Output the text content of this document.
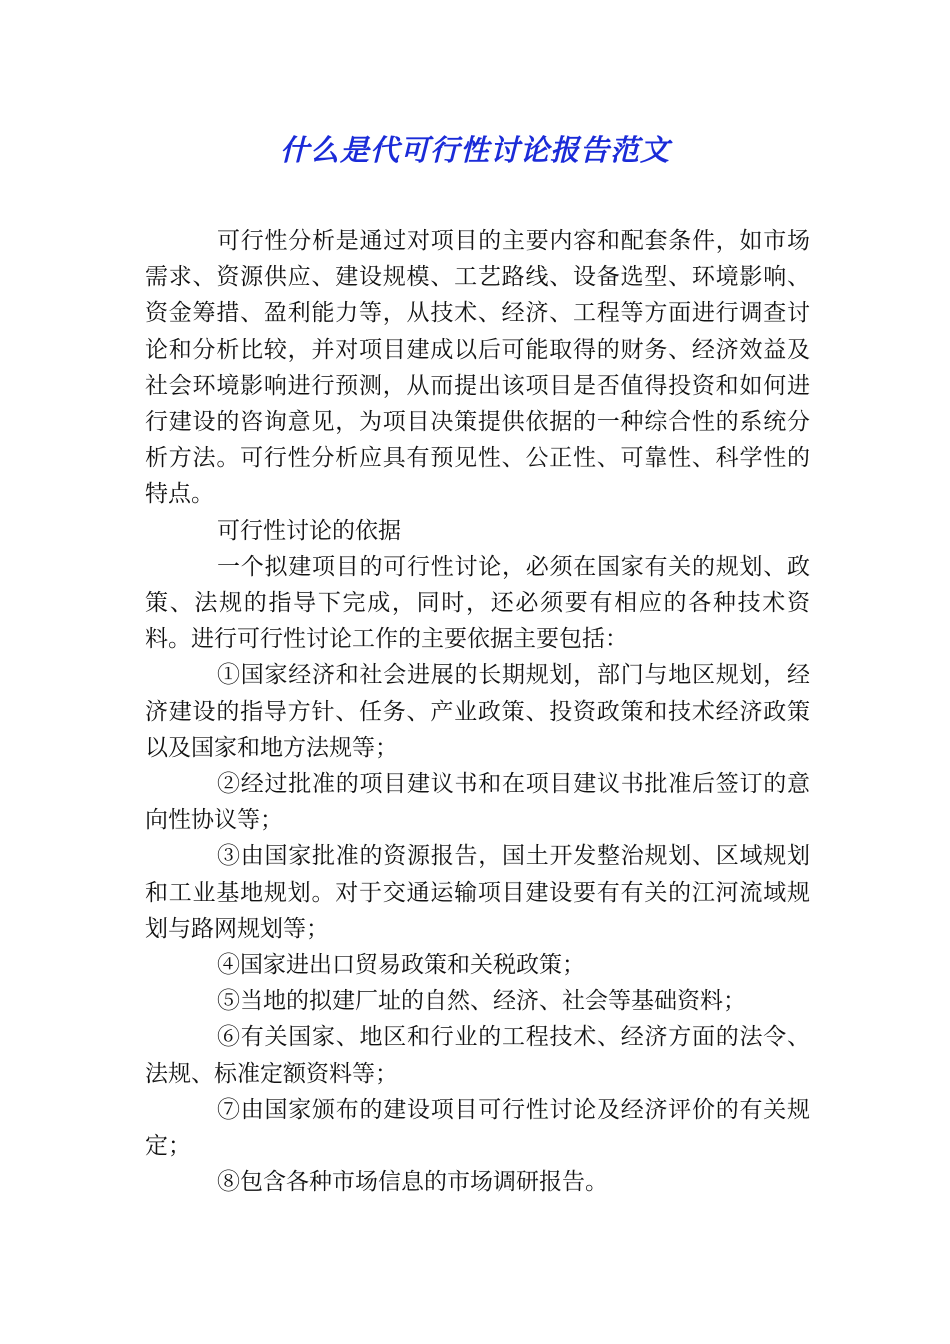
什么是代可行性讨论报告范文

可行性分析是通过对项目的主要内容和配套条件，如市场需求、资源供应、建设规模、工艺路线、设备选型、环境影响、资金筹措、盈利能力等，从技术、经济、工程等方面进行调查讨论和分析比较，并对项目建成以后可能取得的财务、经济效益及社会环境影响进行预测，从而提出该项目是否值得投资和如何进行建设的咨询意见，为项目决策提供依据的一种综合性的系统分析方法。可行性分析应具有预见性、公正性、可靠性、科学性的特点。

可行性讨论的依据

一个拟建项目的可行性讨论，必须在国家有关的规划、政策、法规的指导下完成，同时，还必须要有相应的各种技术资料。进行可行性讨论工作的主要依据主要包括：

①国家经济和社会进展的长期规划，部门与地区规划，经济建设的指导方针、任务、产业政策、投资政策和技术经济政策以及国家和地方法规等；

②经过批准的项目建议书和在项目建议书批准后签订的意向性协议等；

③由国家批准的资源报告，国土开发整治规划、区域规划和工业基地规划。对于交通运输项目建设要有有关的江河流域规划与路网规划等；

④国家进出口贸易政策和关税政策；

⑤当地的拟建厂址的自然、经济、社会等基础资料；

⑥有关国家、地区和行业的工程技术、经济方面的法令、法规、标准定额资料等；

⑦由国家颁布的建设项目可行性讨论及经济评价的有关规定；

⑧包含各种市场信息的市场调研报告。
